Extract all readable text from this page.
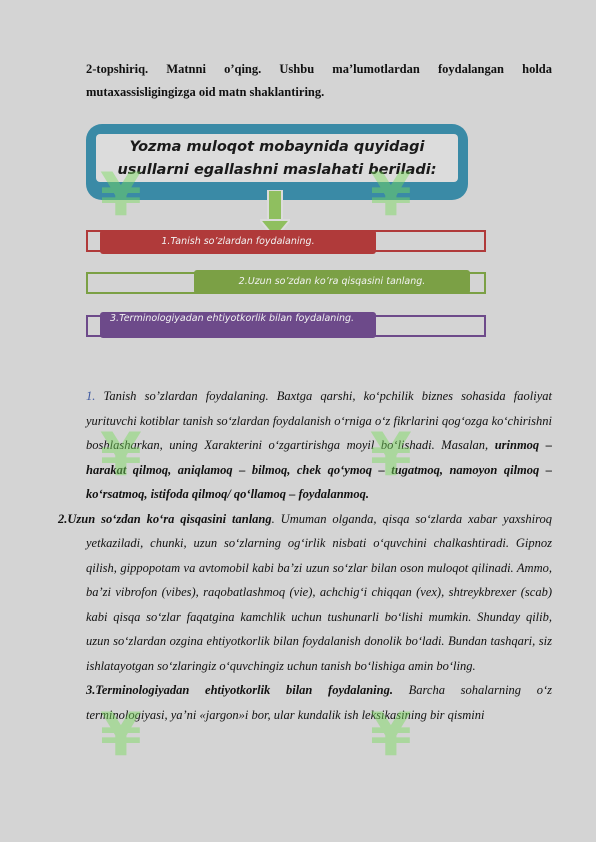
2-topshiriq. Matnni o’qing. Ushbu ma’lumotlardan foydalangan holda
mutaxassisligingizga oid matn shaklantiring.
Yozma muloqot mobaynida quyidagi
usullarni egallashni maslahati beriladi:
1.Tanish so’zlardan foydalaning.
2.Uzun so’zdan ko’ra qisqasini tanlang.
3.Terminologiyadan ehtiyotkorlik bilan foydalaning.

1. Tanish so’zlardan foydalaning. Baxtga qarshi, ko‘pchilik biznes sohasida faoliyat yurituvchi kotiblar tanish so‘zlardan foydalanish o‘rniga o‘z fikrlarini qog‘ozga ko‘chirishni boshlasharkan, uning Xarakterini o‘zgartirishga moyil bo‘lishadi. Masalan, urinmoq – harakat qilmoq, aniqlamoq – bilmoq, chek qo‘ymoq – tugatmoq, namoyon qilmoq – ko‘rsatmoq, istifoda qilmoq/ qo‘llamoq – foydalanmoq.

2.Uzun so‘zdan ko‘ra qisqasini tanlang. Umuman olganda, qisqa so‘zlarda xabar yaxshiroq yetkaziladi, chunki, uzun so‘zlarning og‘irlik nisbati o‘quvchini chalkashtiradi. Gipnoz qilish, gippopotam va avtomobil kabi ba’zi uzun so‘zlar bilan oson muloqot qilinadi. Ammo, ba’zi vibrofon (vibes), raqobatlashmoq (vie), achchig‘i chiqqan (vex), shtreykbrexer (scab) kabi qisqa so‘zlar faqatgina kamchlik uchun tushunarli bo‘lishi mumkin. Shunday qilib, uzun so‘zlardan ozgina ehtiyotkorlik bilan foydalanish donolik bo‘ladi. Bundan tashqari, siz ishlatayotgan so‘zlaringiz o‘quvchingiz uchun tanish bo‘lishiga amin bo‘ling.

3.Terminologiyadan ehtiyotkorlik bilan foydalaning. Barcha sohalarning o‘z terminologiyasi, ya’ni «jargon»i bor, ular kundalik ish leksikasining bir qismini

¥	¥
¥	¥
¥	¥
